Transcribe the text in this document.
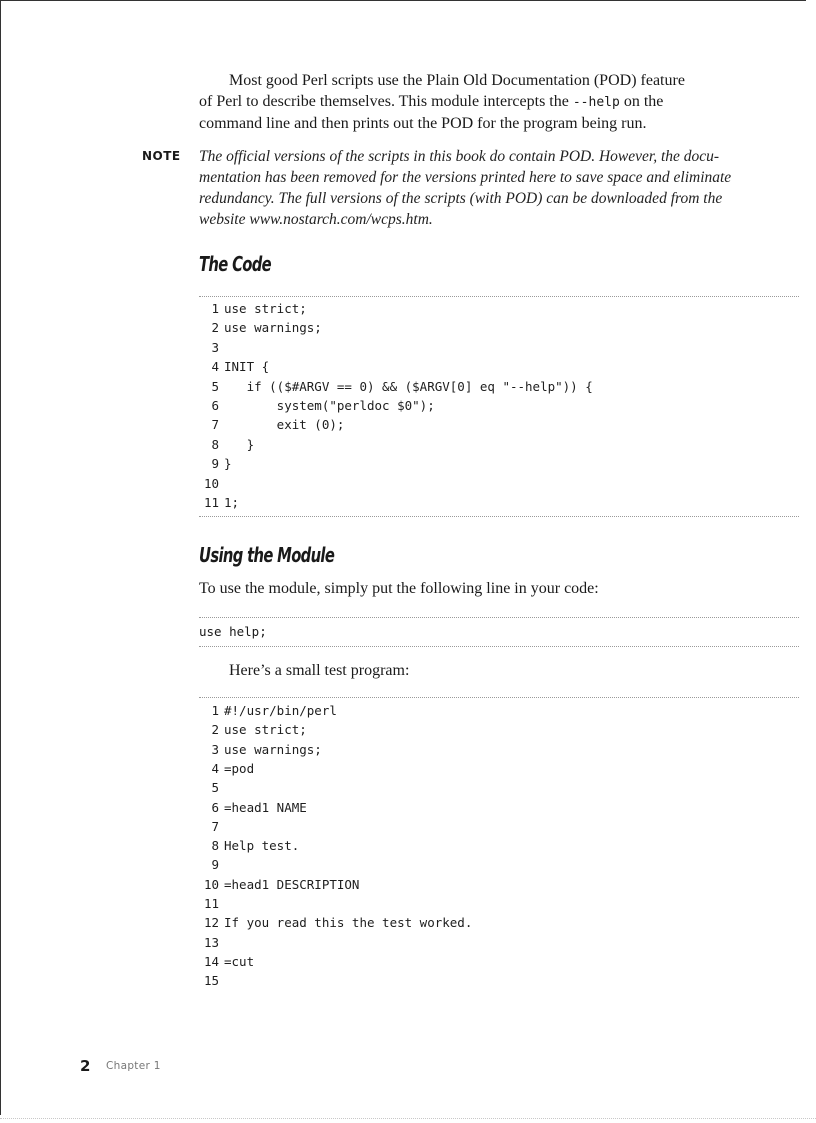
Most good Perl scripts use the Plain Old Documentation (POD) feature
of Perl to describe themselves. This module intercepts the --help on the
command line and then prints out the POD for the program being run.

NOTE The official versions of the scripts in this book do contain POD. However, the docu-
mentation has been removed for the versions printed here to save space and eliminate
redundancy. The full versions of the scripts (with POD) can be downloaded from the
website www.nostarch.com/wcps.htm.

The Code
1 use strict;
2 use warnings;
3
4 INIT {
5   if (($#ARGV == 0) && ($ARGV[0] eq "--help")) {
6       system("perldoc $0");
7       exit (0);
8   }
9 }
10
11 1;
Using the Module

To use the module, simply put the following line in your code:

use help;

Here’s a small test program:

1 #!/usr/bin/perl
2 use strict;
3 use warnings;
4 =pod
5
6 =head1 NAME
7
8 Help test.
9
10 =head1 DESCRIPTION
11
12 If you read this the test worked.
13
14 =cut
15
2 Chapter 1
